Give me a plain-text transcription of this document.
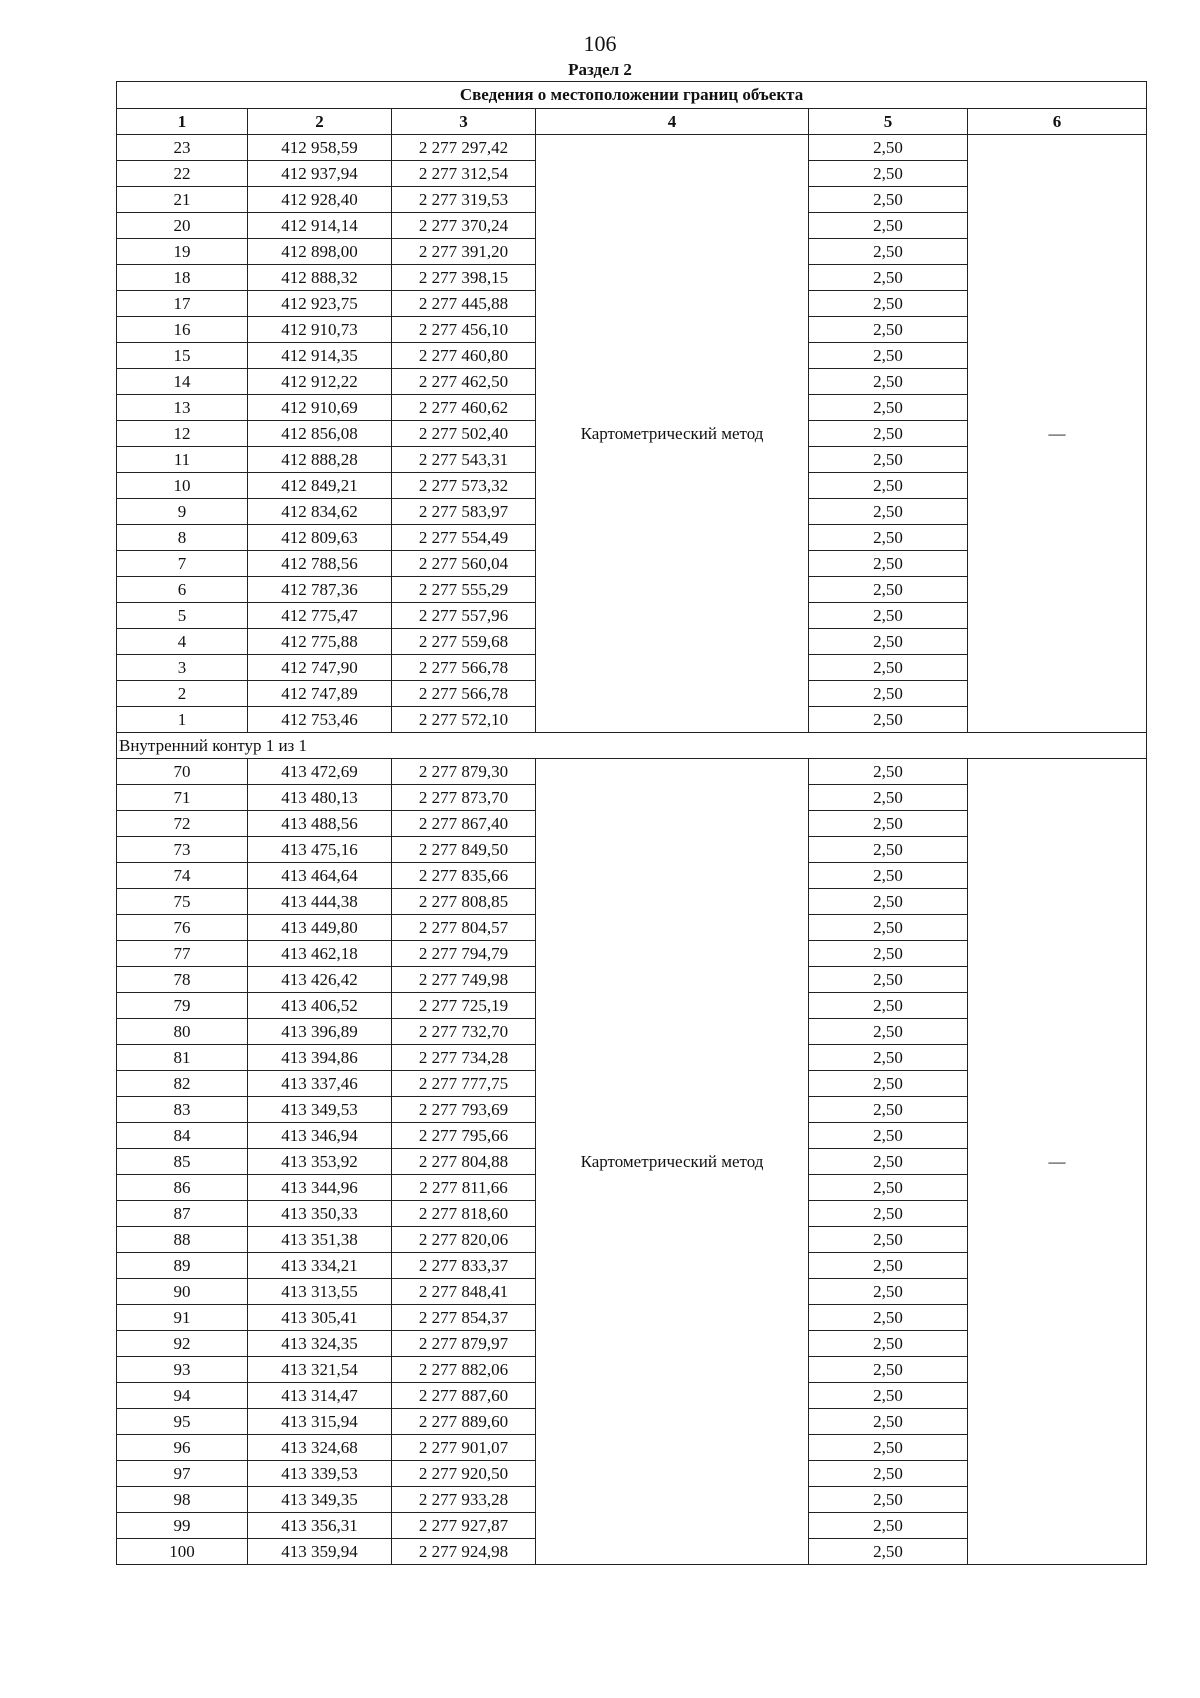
106
Раздел 2
Сведения о местоположении границ объекта					
1	2	3	4	5	6
23	412 958,59	2 277 297,42	Картометрический метод	2,50	—
22	412 937,94	2 277 312,54		2,50	
21	412 928,40	2 277 319,53		2,50	
20	412 914,14	2 277 370,24		2,50	
19	412 898,00	2 277 391,20		2,50	
18	412 888,32	2 277 398,15		2,50	
17	412 923,75	2 277 445,88		2,50	
16	412 910,73	2 277 456,10		2,50	
15	412 914,35	2 277 460,80		2,50	
14	412 912,22	2 277 462,50		2,50	
13	412 910,69	2 277 460,62		2,50	
12	412 856,08	2 277 502,40		2,50	
11	412 888,28	2 277 543,31		2,50	
10	412 849,21	2 277 573,32		2,50	
9	412 834,62	2 277 583,97		2,50	
8	412 809,63	2 277 554,49		2,50	
7	412 788,56	2 277 560,04		2,50	
6	412 787,36	2 277 555,29		2,50	
5	412 775,47	2 277 557,96		2,50	
4	412 775,88	2 277 559,68		2,50	
3	412 747,90	2 277 566,78		2,50	
2	412 747,89	2 277 566,78		2,50	
1	412 753,46	2 277 572,10		2,50	
Внутренний контур 1 из 1					
70	413 472,69	2 277 879,30	Картометрический метод	2,50	—
71	413 480,13	2 277 873,70		2,50	
72	413 488,56	2 277 867,40		2,50	
73	413 475,16	2 277 849,50		2,50	
74	413 464,64	2 277 835,66		2,50	
75	413 444,38	2 277 808,85		2,50	
76	413 449,80	2 277 804,57		2,50	
77	413 462,18	2 277 794,79		2,50	
78	413 426,42	2 277 749,98		2,50	
79	413 406,52	2 277 725,19		2,50	
80	413 396,89	2 277 732,70		2,50	
81	413 394,86	2 277 734,28		2,50	
82	413 337,46	2 277 777,75		2,50	
83	413 349,53	2 277 793,69		2,50	
84	413 346,94	2 277 795,66		2,50	
85	413 353,92	2 277 804,88		2,50	
86	413 344,96	2 277 811,66		2,50	
87	413 350,33	2 277 818,60		2,50	
88	413 351,38	2 277 820,06		2,50	
89	413 334,21	2 277 833,37		2,50	
90	413 313,55	2 277 848,41		2,50	
91	413 305,41	2 277 854,37		2,50	
92	413 324,35	2 277 879,97		2,50	
93	413 321,54	2 277 882,06		2,50	
94	413 314,47	2 277 887,60		2,50	
95	413 315,94	2 277 889,60		2,50	
96	413 324,68	2 277 901,07		2,50	
97	413 339,53	2 277 920,50		2,50	
98	413 349,35	2 277 933,28		2,50	
99	413 356,31	2 277 927,87		2,50	
100	413 359,94	2 277 924,98		2,50	
